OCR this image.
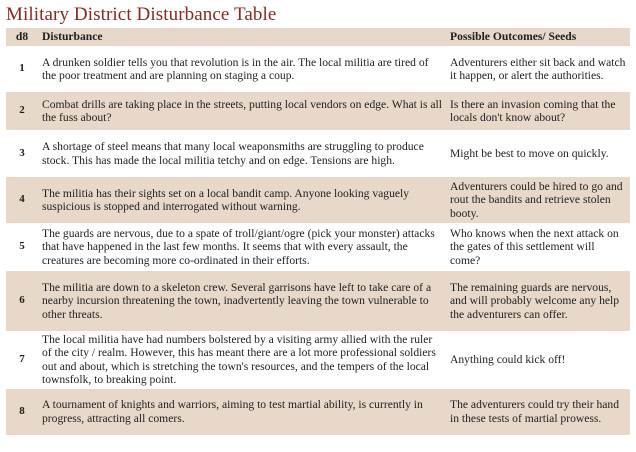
Military District Disturbance Table
d8	Disturbance	Possible Outcomes/ Seeds
1	A drunken soldier tells you that revolution is in the air. The local militia are tired of the poor treatment and are planning on staging a coup.	Adventurers either sit back and watch it happen, or alert the authorities.
2	Combat drills are taking place in the streets, putting local vendors on edge. What is all the fuss about?	Is there an invasion coming that the locals don't know about?
3	A shortage of steel means that many local weaponsmiths are struggling to produce stock. This has made the local militia tetchy and on edge. Tensions are high.	Might be best to move on quickly.
4	The militia has their sights set on a local bandit camp. Anyone looking vaguely suspicious is stopped and interrogated without warning.	Adventurers could be hired to go and rout the bandits and retrieve stolen booty.
5	The guards are nervous, due to a spate of troll/giant/ogre (pick your monster) attacks that have happened in the last few months. It seems that with every assault, the creatures are becoming more co-ordinated in their efforts.	Who knows when the next attack on the gates of this settlement will come?
6	The militia are down to a skeleton crew. Several garrisons have left to take care of a nearby incursion threatening the town, inadvertently leaving the town vulnerable to other threats.	The remaining guards are nervous, and will probably welcome any help the adventurers can offer.
7	The local militia have had numbers bolstered by a visiting army allied with the ruler of the city / realm. However, this has meant there are a lot more professional soldiers out and about, which is stretching the town's resources, and the tempers of the local townsfolk, to breaking point.	Anything could kick off!
8	A tournament of knights and warriors, aiming to test martial ability, is currently in progress, attracting all comers.	The adventurers could try their hand in these tests of martial prowess.
